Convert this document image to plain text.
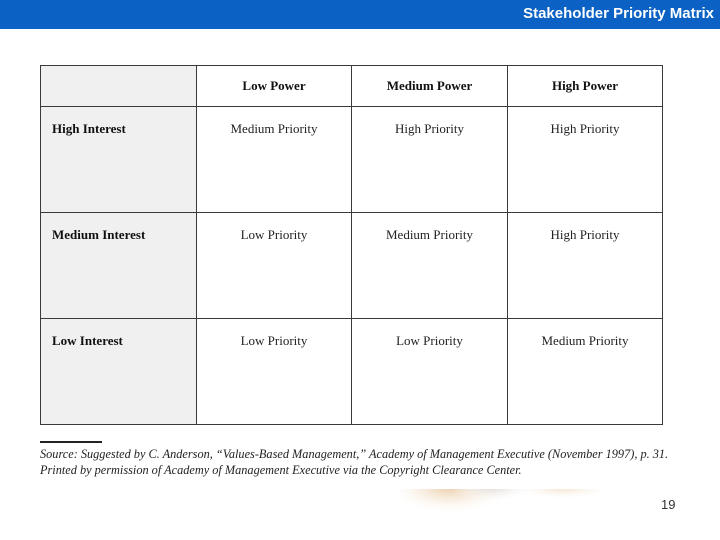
Stakeholder Priority Matrix
	Low Power	Medium Power	High Power
High Interest	Medium Priority	High Priority	High Priority
Medium Interest	Low Priority	Medium Priority	High Priority
Low Interest	Low Priority	Low Priority	Medium Priority
Source: Suggested by C. Anderson, “Values-Based Management,” Academy of Management Executive (November 1997), p. 31. Printed by permission of Academy of Management Executive via the Copyright Clearance Center.
19
